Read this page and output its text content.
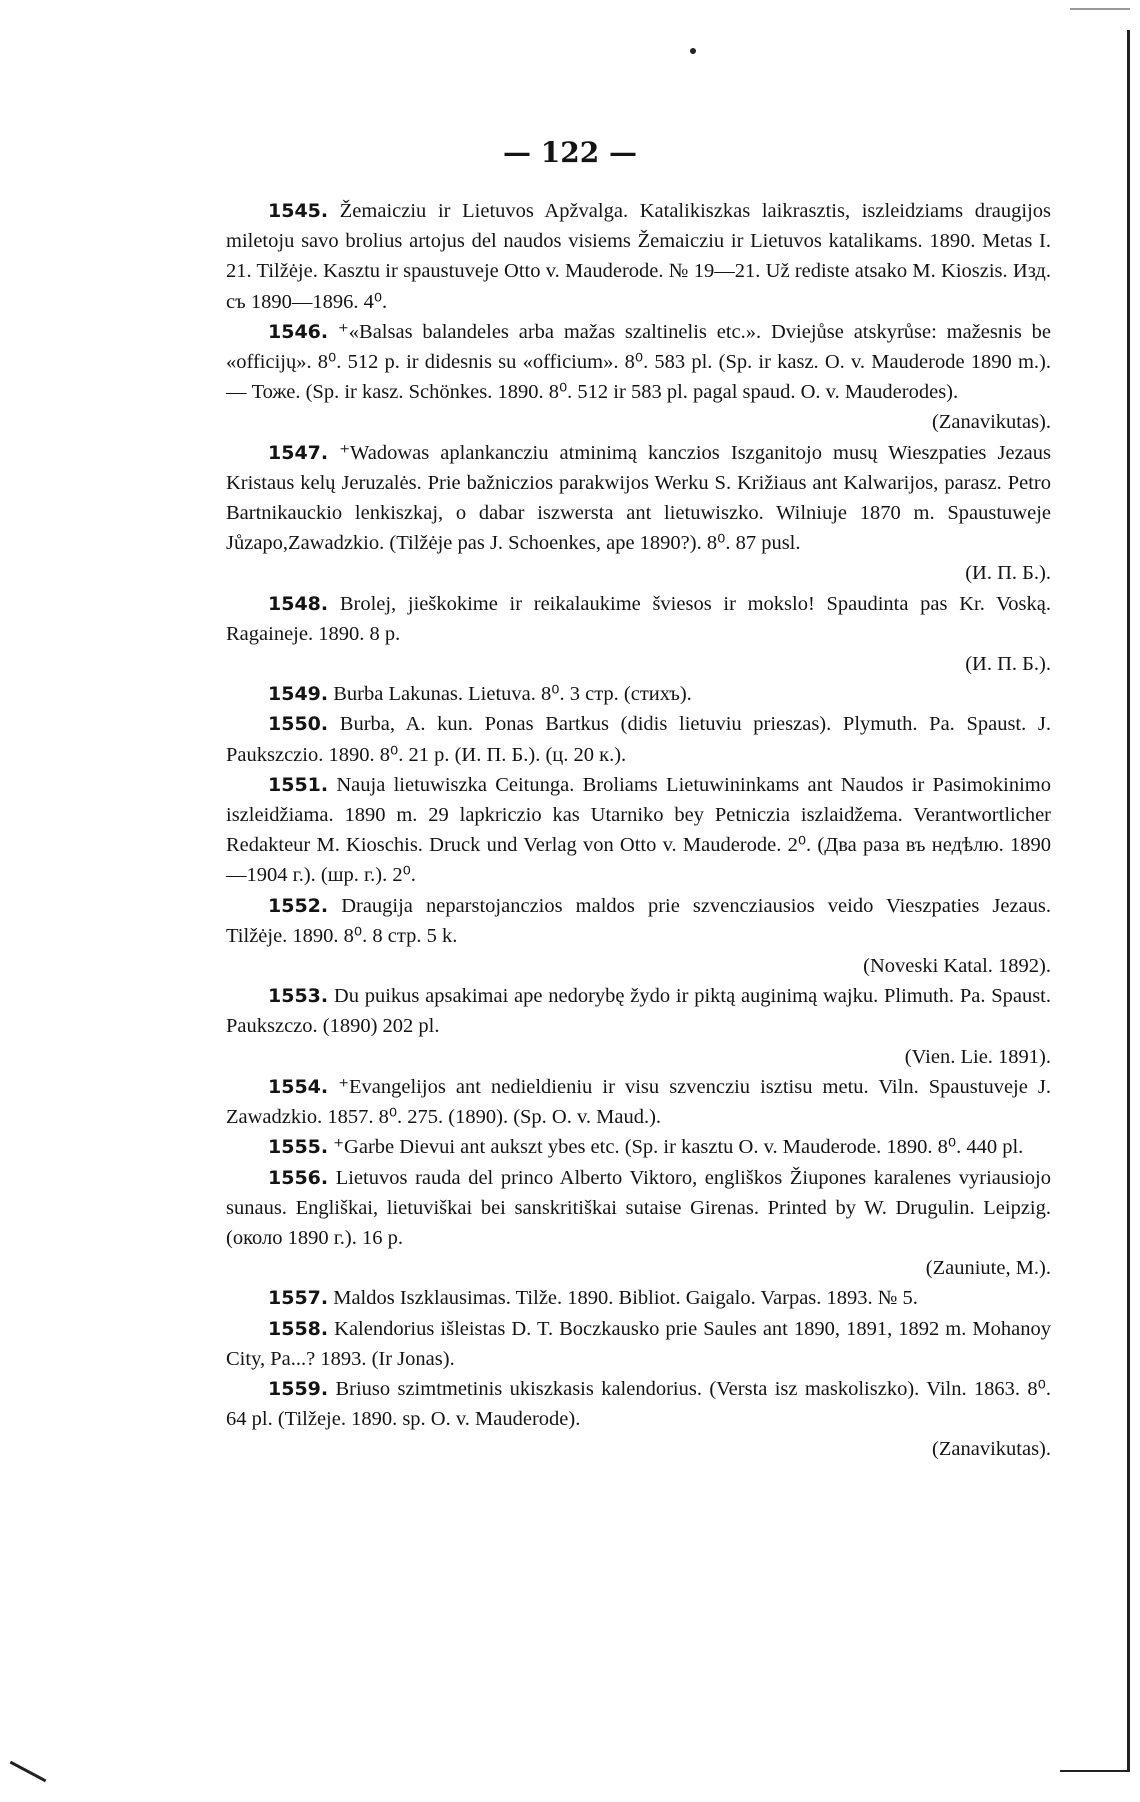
— 122 —

1545. Žemaicziu ir Lietuvos Apžvalga. Katalikiszkas laikrasztis, iszleidziams draugijos miletoju savo brolius artojus del naudos visiems Žemaicziu ir Lietuvos katalikams. 1890. Metas I. 21. Tilžėje. Kasztu ir spaustuveje Otto v. Mauderode. № 19—21. Už rediste atsako M. Kioszis. Изд. съ 1890—1896. 4⁰.

1546. ⁺«Balsas balandeles arba mažas szaltinelis etc.». Dviejůse atskyrůse: mažesnis be «officijų». 8⁰. 512 p. ir didesnis su «officium». 8⁰. 583 pl. (Sp. ir kasz. O. v. Mauderode 1890 m.). — Тоже. (Sp. ir kasz. Schönkes. 1890. 8⁰. 512 ir 583 pl. pagal spaud. O. v. Mauderodes).

(Zanavikutas).

1547. ⁺Wadowas aplankancziu atminimą kanczios Iszganitojo musų Wieszpaties Jezaus Kristaus kelų Jeruzalės. Prie bažniczios parakwijos Werku S. Križiaus ant Kalwarijos, parasz. Petro Bartnikauckio lenkiszkaj, o dabar iszwersta ant lietuwiszko. Wilniuje 1870 m. Spaustuweje Jůzapo,Zawadzkio. (Tilžėje pas J. Schoenkes, ape 1890?). 8⁰. 87 pusl.

(И. П. Б.).

1548. Brolej, jieškokime ir reikalaukime šviesos ir mokslo! Spaudinta pas Kr. Voską. Ragaineje. 1890. 8 p.

(И. П. Б.).

1549. Burba Lakunas. Lietuva. 8⁰. 3 стр. (стихъ).

1550. Burba, A. kun. Ponas Bartkus (didis lietuviu prieszas). Plymuth. Pa. Spaust. J. Paukszczio. 1890. 8⁰. 21 p. (И. П. Б.). (ц. 20 к.).

1551. Nauja lietuwiszka Ceitunga. Broliams Lietuwininkams ant Naudos ir Pasimokinimo iszleidžiama. 1890 m. 29 lapkriczio kas Utarniko bey Petniczia iszlaidžema. Verantwortlicher Redakteur M. Kioschis. Druck und Verlag von Otto v. Mauderode. 2⁰. (Два раза въ недѣлю. 1890—1904 г.). (шр. г.). 2⁰.

1552. Draugija neparstojanczios maldos prie szvencziausios veido Vieszpaties Jezaus. Tilžėje. 1890. 8⁰. 8 стр. 5 k.

(Noveski Katal. 1892).

1553. Du puikus apsakimai ape nedorybę žydo ir piktą auginimą wajku. Plimuth. Pa. Spaust. Paukszczo. (1890) 202 pl.

(Vien. Lie. 1891).

1554. ⁺Evangelijos ant nedieldieniu ir visu szvencziu isztisu metu. Viln. Spaustuveje J. Zawadzkio. 1857. 8⁰. 275. (1890). (Sp. O. v. Maud.).

1555. ⁺Garbe Dievui ant aukszt ybes etc. (Sp. ir kasztu O. v. Mauderode. 1890. 8⁰. 440 pl.

1556. Lietuvos rauda del princo Alberto Viktoro, engliškos Žiupones karalenes vyriausiojo sunaus. Engliškai, lietuviškai bei sanskritiškai sutaise Girenas. Printed by W. Drugulin. Leipzig. (около 1890 г.). 16 p.

(Zauniute, M.).

1557. Maldos Iszklausimas. Tilže. 1890. Bibliot. Gaigalo. Varpas. 1893. № 5.

1558. Kalendorius išleistas D. T. Boczkausko prie Saules ant 1890, 1891, 1892 m. Mohanoy City, Pa...? 1893. (Ir Jonas).

1559. Briuso szimtmetinis ukiszkasis kalendorius. (Versta isz maskoliszko). Viln. 1863. 8⁰. 64 pl. (Tilžeje. 1890. sp. O. v. Mauderode).

(Zanavikutas).
